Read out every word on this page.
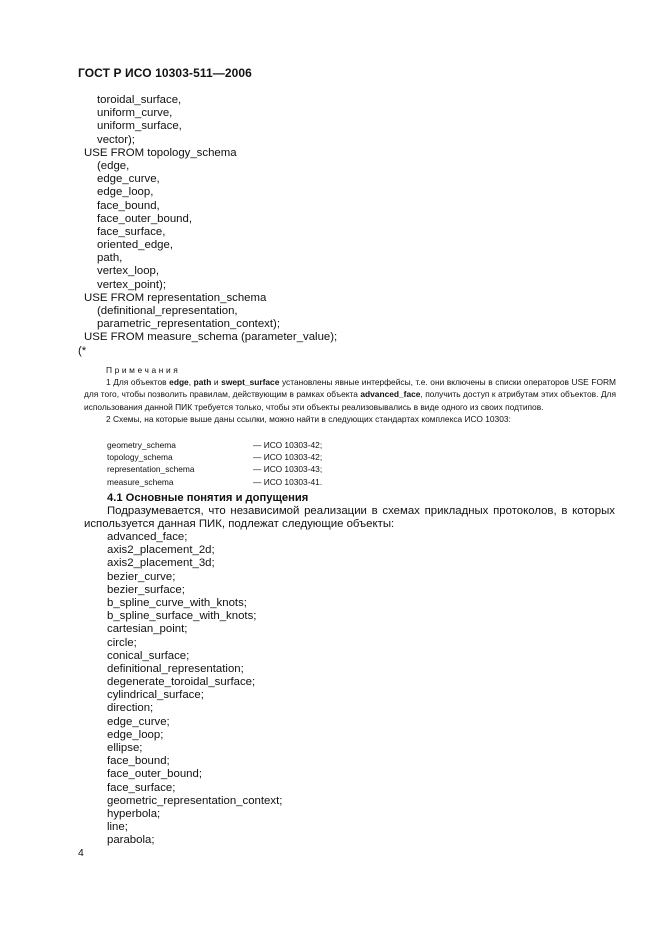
ГОСТ Р ИСО 10303-511—2006
toroidal_surface,
uniform_curve,
uniform_surface,
vector);
USE FROM topology_schema
(edge,
edge_curve,
edge_loop,
face_bound,
face_outer_bound,
face_surface,
oriented_edge,
path,
vertex_loop,
vertex_point);
USE FROM representation_schema
(definitional_representation,
parametric_representation_context);
USE FROM measure_schema (parameter_value);
(*
Примечания

1 Для объектов edge, path и swept_surface установлены явные интерфейсы, т.е. они включены в списки операторов USE FORM для того, чтобы позволить правилам, действующим в рамках объекта advanced_face, получить доступ к атрибутам этих объектов. Для использования данной ПИК требуется только, чтобы эти объекты реализовывались в виде одного из своих подтипов.

2 Схемы, на которые выше даны ссылки, можно найти в следующих стандартах комплекса ИСО 10303:

geometry_schema	— ИСО 10303-42;
topology_schema	— ИСО 10303-42;
representation_schema	— ИСО 10303-43;
measure_schema	— ИСО 10303-41.
4.1 Основные понятия и допущения

Подразумевается, что независимой реализации в схемах прикладных протоколов, в которых используется данная ПИК, подлежат следующие объекты:

advanced_face;
axis2_placement_2d;
axis2_placement_3d;
bezier_curve;
bezier_surface;
b_spline_curve_with_knots;
b_spline_surface_with_knots;
cartesian_point;
circle;
conical_surface;
definitional_representation;
degenerate_toroidal_surface;
cylindrical_surface;
direction;
edge_curve;
edge_loop;
ellipse;
face_bound;
face_outer_bound;
face_surface;
geometric_representation_context;
hyperbola;
line;
parabola;
4
